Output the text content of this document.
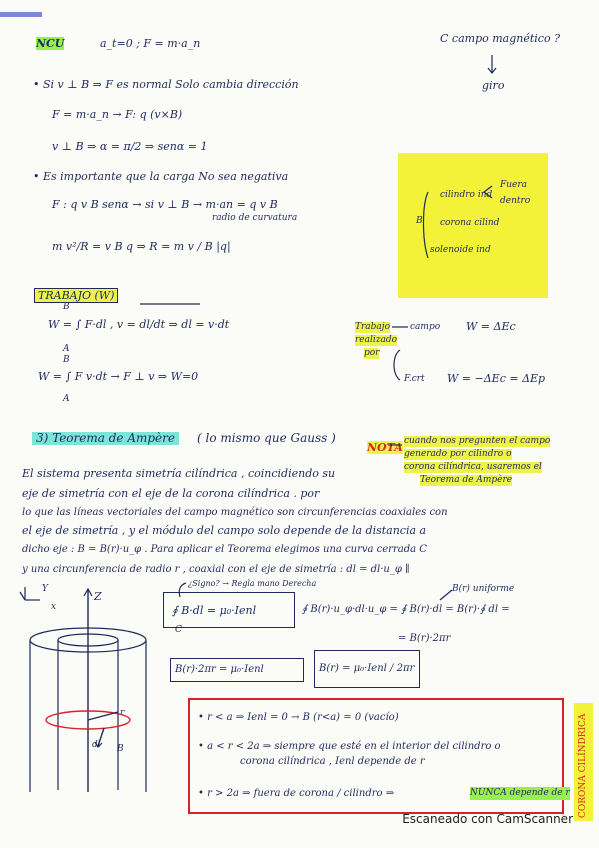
NCU	a_t=0 ; F = m·a_n	C campo magnético ?
giro
• Si v ⊥ B ⇒ F es normal Solo cambia dirección
F = m·a_n → F: q (v×B)
v ⊥ B ⇒ α = π/2 ⇒ senα = 1
• Es importante que la carga No sea negativa
F : q v B senα → si v ⊥ B → m·an = q v B
radio de curvatura
m v²/R = v B q ⇒ R = m v / B |q|
B
cilindro ind
Fuera
dentro
corona cilind
solenoide ind
TRABAJO (W)
W = ∫ F·dl , v = dl/dt ⇒ dl = v·dt
A
B
W = ∫ F v·dt → F ⊥ v ⇒ W=0
A
B
Trabajo
realizado
por
campo W = ΔEc
F.crt W = −ΔEc = ΔEp
3) Teorema de Ampère	( lo mismo que Gauss )
NOTA cuando nos pregunten el campo
generado por cilindro o
corona cilíndrica, usaremos el
Teorema de Ampère
El sistema presenta simetría cilíndrica , coincidiendo su
eje de simetría con el eje de la corona cilíndrica . por
lo que las líneas vectoriales del campo magnético son circunferencias coaxiales con
el eje de simetría , y el módulo del campo solo depende de la distancia a
dicho eje : B = B(r)·u_φ . Para aplicar el Teorema elegimos una curva cerrada C
y una circunferencia de radio r , coaxial con el eje de simetría : dl = dl·u_φ ∥
¿Signo? → Regla mano Derecha
B(r) uniforme
∮ B·dl = μ₀·Ienl
C
∮ B(r)·u_φ·dl·u_φ = ∮ B(r)·dl = B(r)·∮ dl =
= B(r)·2πr
B(r)·2πr = μ₀·Ienl	B(r) = μ₀·Ienl / 2πr
• r < a ⇒ Ienl = 0 → B (r<a) = 0 (vacío)
• a < r < 2a ⇒ siempre que esté en el interior del cilindro o
corona cilíndrica , Ienl depende de r
• r > 2a ⇒ fuera de corona / cilindro ⇒	NUNCA depende de r CORONA CILÍNDRICA
Z
Y
x
r
dl B
Escaneado con CamScanner
